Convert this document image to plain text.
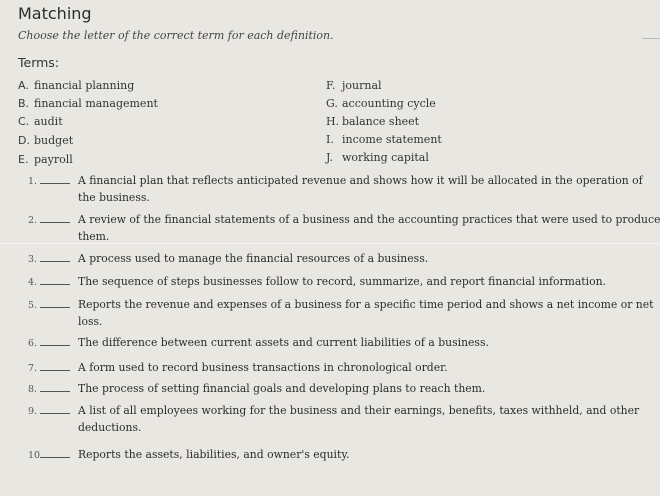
Matching
Choose the letter of the correct term for each definition.
Terms:
A. financial planning
B. financial management
C. audit
D. budget
E. payroll
F. journal
G. accounting cycle
H. balance sheet
I. income statement
J. working capital
1.	A financial plan that reflects anticipated revenue and shows how it will be allocated in the operation of
the business.
2.	A review of the financial statements of a business and the accounting practices that were used to produce
them.
3.	A process used to manage the financial resources of a business.
4.	The sequence of steps businesses follow to record, summarize, and report financial information.
5.	Reports the revenue and expenses of a business for a specific time period and shows a net income or net
loss.
6.	The difference between current assets and current liabilities of a business.
7.	A form used to record business transactions in chronological order.
8.	The process of setting financial goals and developing plans to reach them.
9.	A list of all employees working for the business and their earnings, benefits, taxes withheld, and other
deductions.
10.	Reports the assets, liabilities, and owner's equity.
